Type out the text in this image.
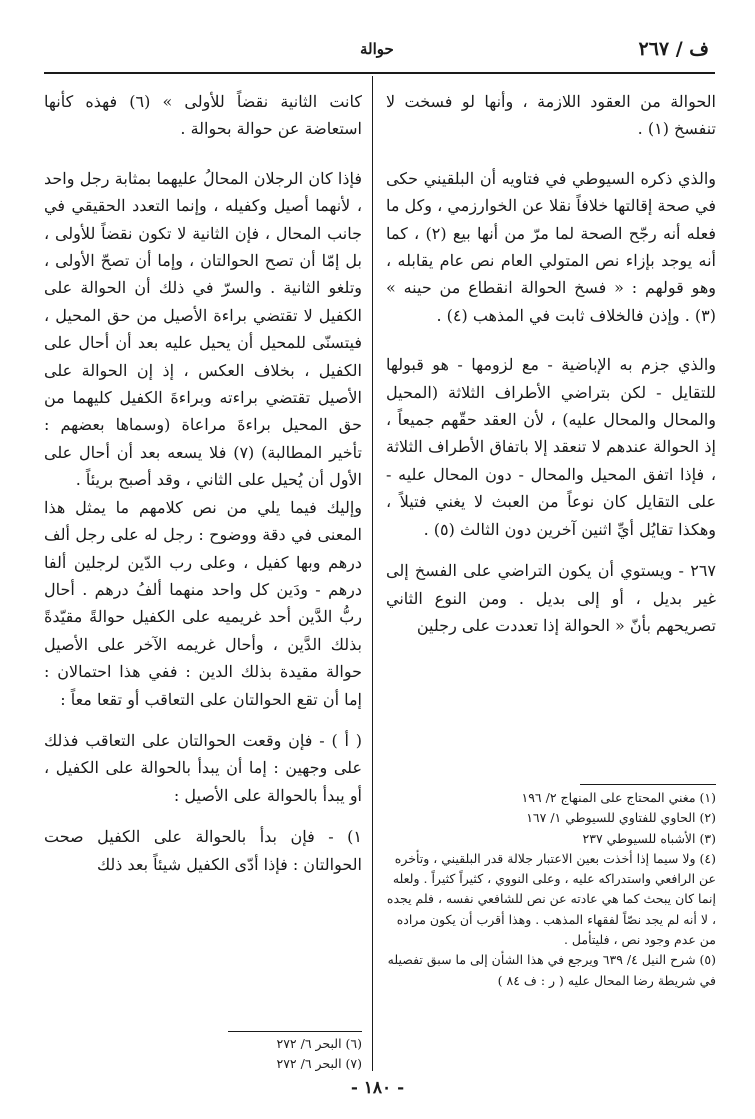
ف / ٢٦٧
حوالة

الحوالة من العقود اللازمة ، وأنها لو فسخت لا تنفسخ (١) .

والذي ذكره السيوطي في فتاويه أن البلقيني حكى في صحة إقالتها خلافاً نقلا عن الخوارزمي ، وكل ما فعله أنه رجّح الصحة لما مرّ من أنها بيع (٢) ، كما أنه يوجد بإزاء نص المتولي العام نص عام يقابله ، وهو قولهم : « فسخ الحوالة انقطاع من حينه » (٣) . وإذن فالخلاف ثابت في المذهب (٤) .

والذي جزم به الإباضية - مع لزومها - هو قبولها للتقايل - لكن بتراضي الأطراف الثلاثة (المحيل والمحال والمحال عليه) ، لأن العقد حقّهم جميعاً ، إذ الحوالة عندهم لا تنعقد إلا باتفاق الأطراف الثلاثة ، فإذا اتفق المحيل والمحال - دون المحال عليه - على التقايل كان نوعاً من العبث لا يغني فتيلاً ، وهكذا تقايُل أيِّ اثنين آخرين دون الثالث (٥) .

٢٦٧ - ويستوي أن يكون التراضي على الفسخ إلى غير بديل ، أو إلى بديل . ومن النوع الثاني تصريحهم بأنّ « الحوالة إذا تعددت على رجلين

(١) مغني المحتاج على المنهاج ٢/ ١٩٦

(٢) الحاوي للفتاوي للسيوطي ١/ ١٦٧

(٣) الأشباه للسيوطي ٢٣٧

(٤) ولا سيما إذا أخذت بعين الاعتبار جلالة قدر البلقيني ، وتأخره عن الرافعي واستدراكه عليه ، وعلى النووي ، كثيراً كثيراً . ولعله إنما كان يبحث كما هي عادته عن نص للشافعي نفسه ، فلم يجده ، لا أنه لم يجد نصّاً لفقهاء المذهب . وهذا أقرب أن يكون مراده من عدم وجود نص ، فليتأمل .

(٥) شرح النيل ٤/ ٦٣٩ ويرجع في هذا الشأن إلى ما سبق تفصيله في شريطة رضا المحال عليه ( ر : ف ٨٤ )

كانت الثانية نقضاً للأولى » (٦) فهذه كأنها استعاضة عن حوالة بحوالة .

فإذا كان الرجلان المحالُ عليهما بمثابة رجل واحد ، لأنهما أصيل وكفيله ، وإنما التعدد الحقيقي في جانب المحال ، فإن الثانية لا تكون نقضاً للأولى ، بل إمّا أن تصح الحوالتان ، وإما أن تصحّ الأولى ، وتلغو الثانية . والسرّ في ذلك أن الحوالة على الكفيل لا تقتضي براءة الأصيل من حق المحيل ، فيتسنّى للمحيل أن يحيل عليه بعد أن أحال على الكفيل ، بخلاف العكس ، إذ إن الحوالة على الأصيل تقتضي براءته وبراءةَ الكفيل كليهما من حق المحيل براءةَ مراعاة (وسماها بعضهم : تأخير المطالبة) (٧) فلا يسعه بعد أن أحال على الأول أن يُحيل على الثاني ، وقد أصبح بريئاً .

وإليك فيما يلي من نص كلامهم ما يمثل هذا المعنى في دقة ووضوح : رجل له على رجل ألف درهم وبها كفيل ، وعلى رب الدّين لرجلين ألفا درهم - ودَين كل واحد منهما ألفُ درهم . أحال ربُّ الدَّين أحد غريميه على الكفيل حوالةً مقيّدةً بذلك الدَّين ، وأحال غريمه الآخر على الأصيل حوالة مقيدة بذلك الدين : ففي هذا احتمالان : إما أن تقع الحوالتان على التعاقب أو تقعا معاً :

( أ ) - فإن وقعت الحوالتان على التعاقب فذلك على وجهين : إما أن يبدأ بالحوالة على الكفيل ، أو يبدأ بالحوالة على الأصيل :

١) - فإن بدأ بالحوالة على الكفيل صحت الحوالتان : فإذا أدّى الكفيل شيئاً بعد ذلك

(٦) البحر ٦/ ٢٧٢

(٧) البحر ٦/ ٢٧٢

- ١٨٠ -
